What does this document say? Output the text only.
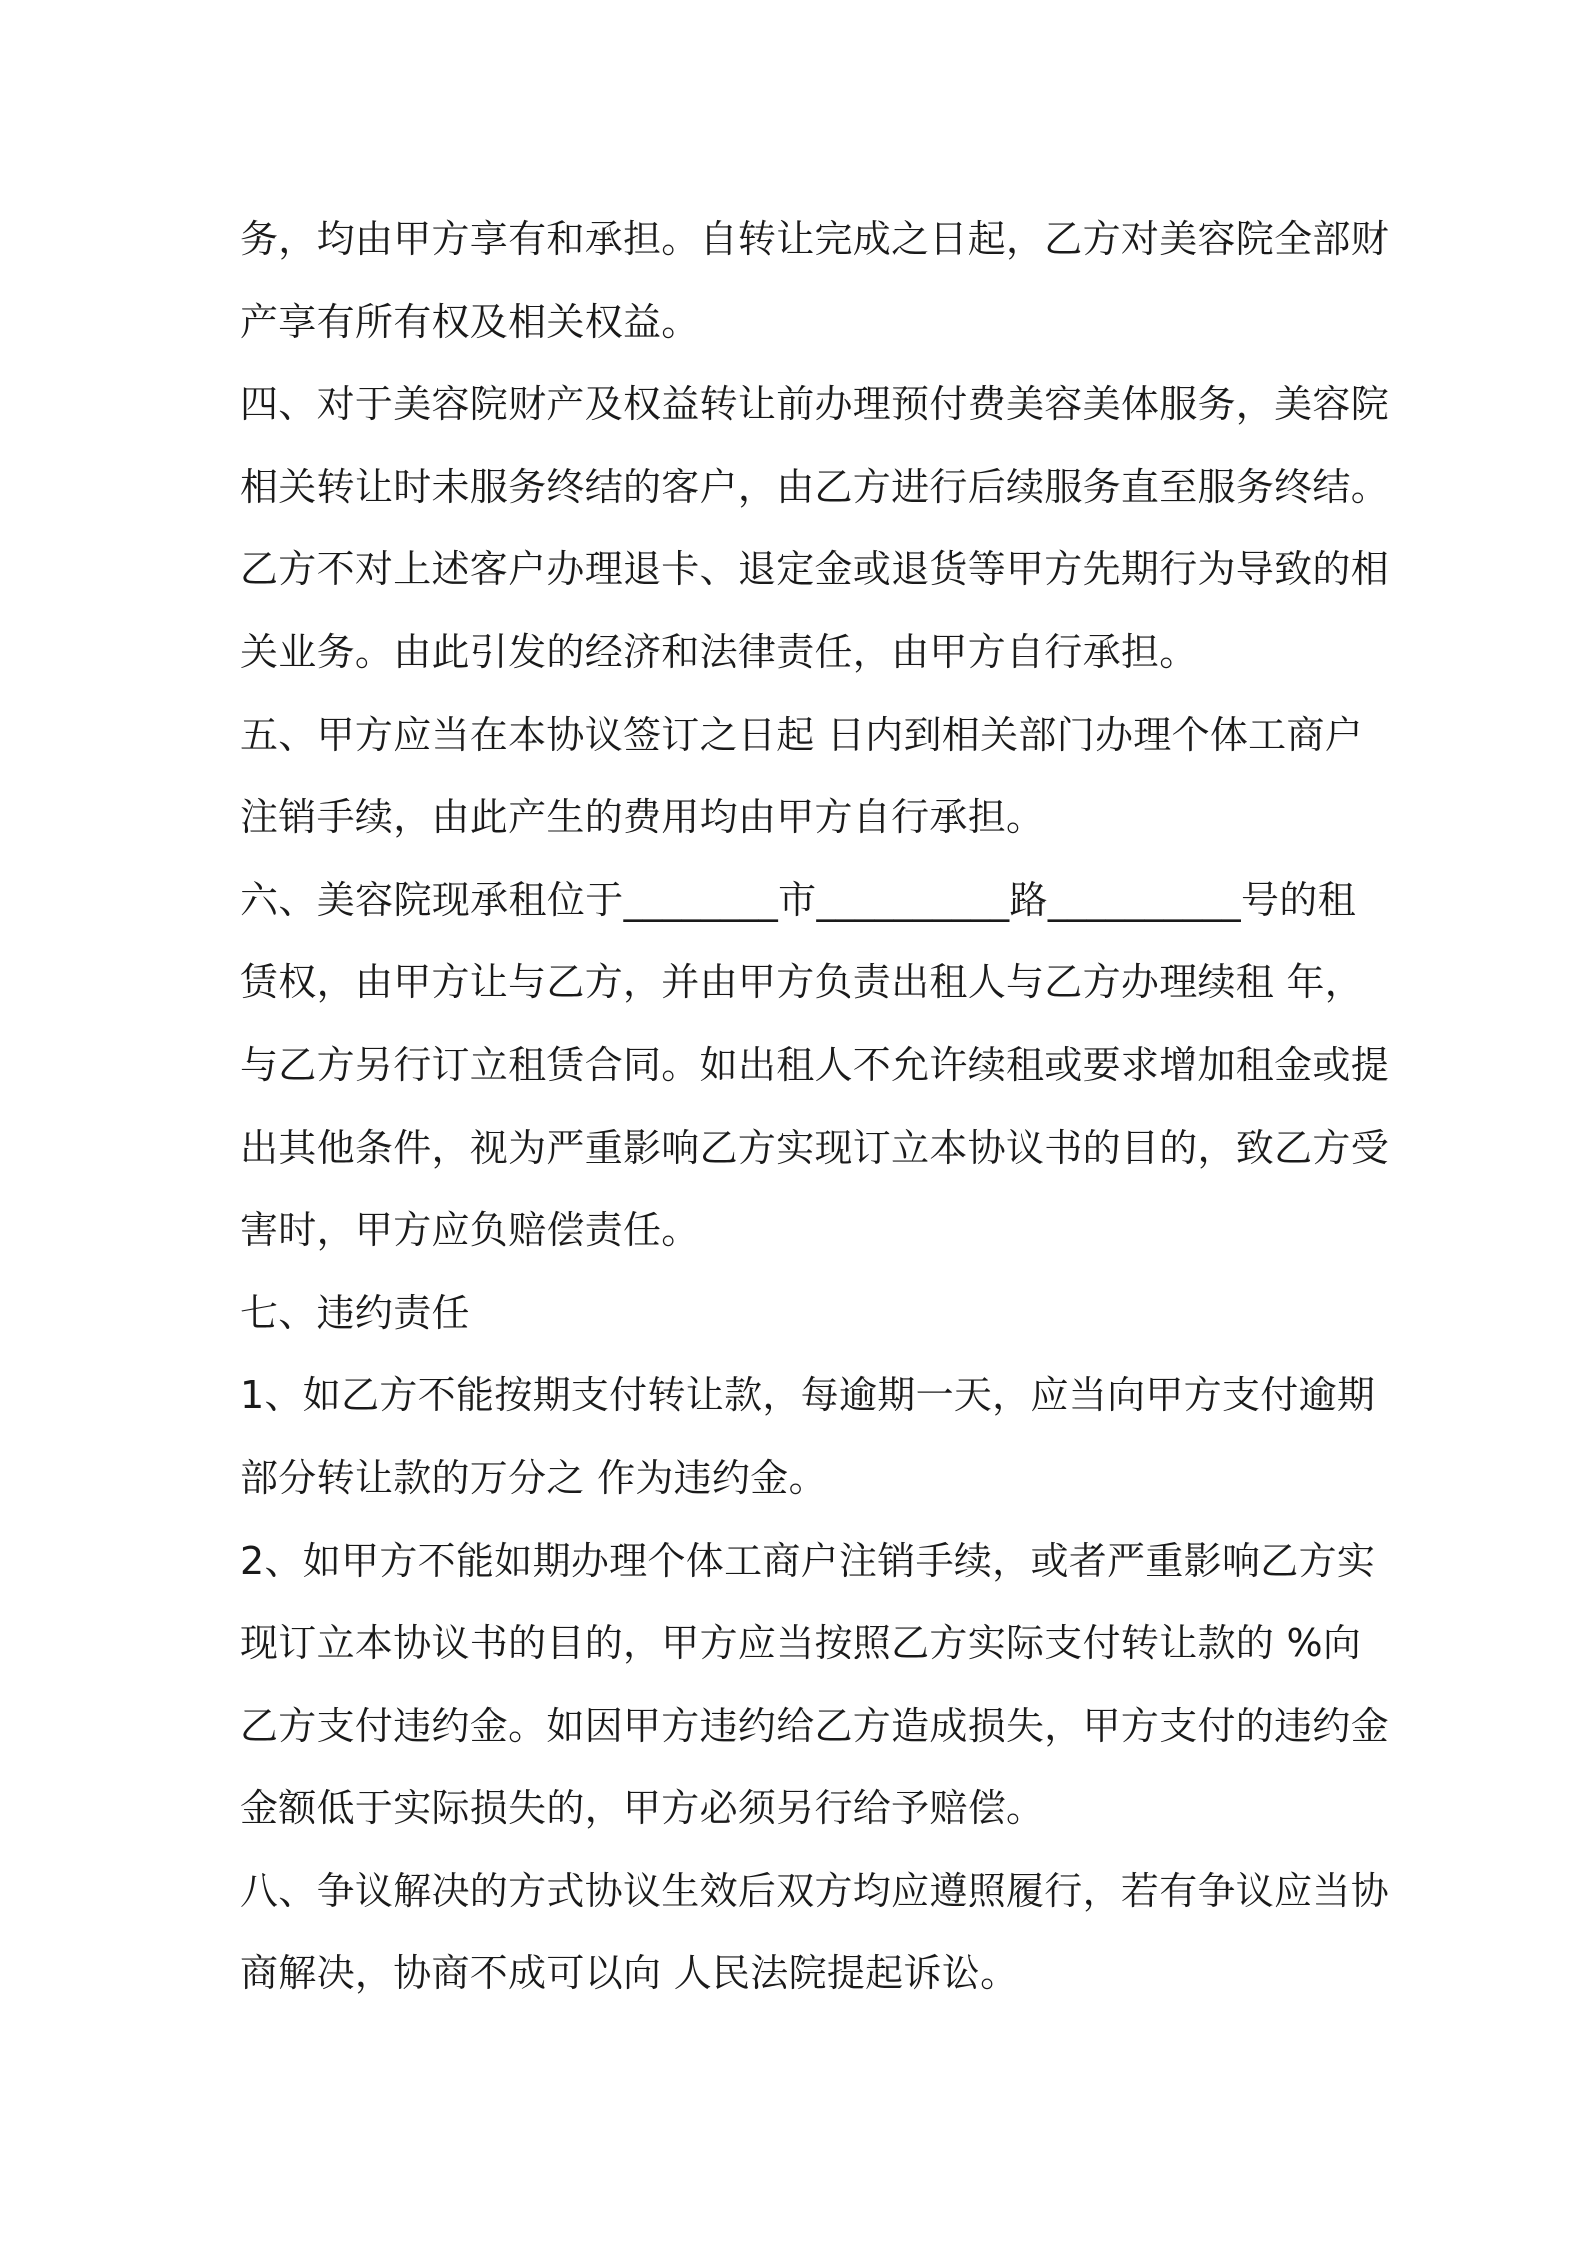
务，均由甲方享有和承担。自转让完成之日起，乙方对美容院全部财
产享有所有权及相关权益。
四、对于美容院财产及权益转让前办理预付费美容美体服务，美容院
相关转让时未服务终结的客户，由乙方进行后续服务直至服务终结。
乙方不对上述客户办理退卡、退定金或退货等甲方先期行为导致的相
关业务。由此引发的经济和法律责任，由甲方自行承担。
五、甲方应当在本协议签订之日起 日内到相关部门办理个体工商户
注销手续，由此产生的费用均由甲方自行承担。
六、美容院现承租位于________市__________路__________号的租
赁权，由甲方让与乙方，并由甲方负责出租人与乙方办理续租 年，
与乙方另行订立租赁合同。如出租人不允许续租或要求增加租金或提
出其他条件，视为严重影响乙方实现订立本协议书的目的，致乙方受
害时，甲方应负赔偿责任。
七、违约责任
1、如乙方不能按期支付转让款，每逾期一天，应当向甲方支付逾期
部分转让款的万分之 作为违约金。
2、如甲方不能如期办理个体工商户注销手续，或者严重影响乙方实
现订立本协议书的目的，甲方应当按照乙方实际支付转让款的 %向
乙方支付违约金。如因甲方违约给乙方造成损失，甲方支付的违约金
金额低于实际损失的，甲方必须另行给予赔偿。
八、争议解决的方式协议生效后双方均应遵照履行，若有争议应当协
商解决，协商不成可以向 人民法院提起诉讼。
